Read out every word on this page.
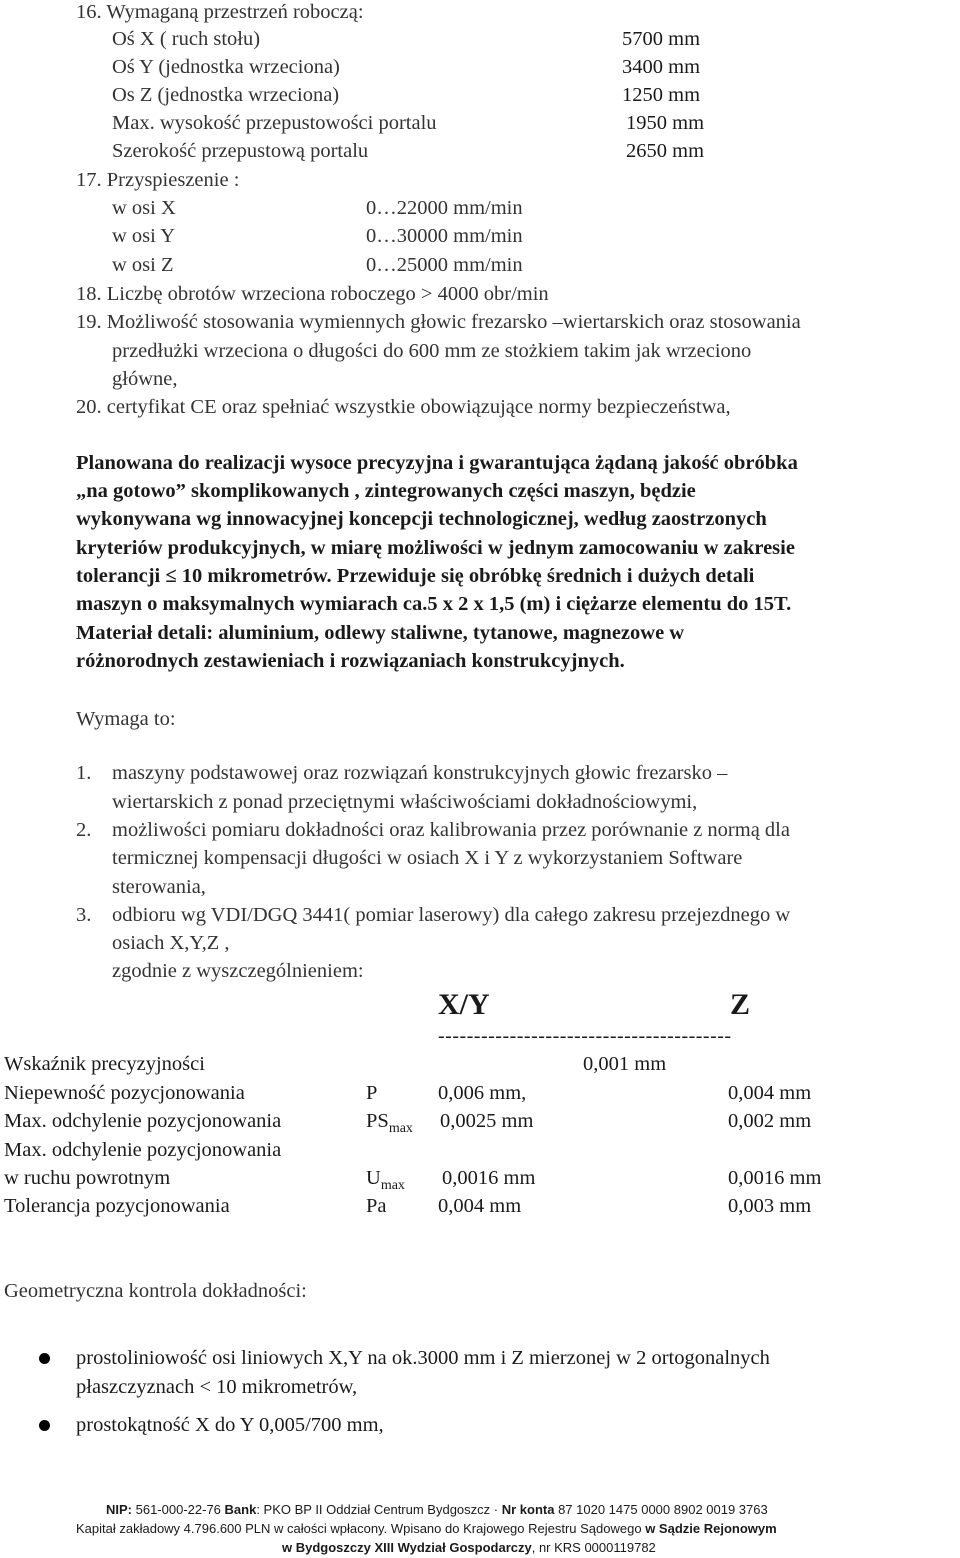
16. Wymaganą przestrzeń roboczą:
Oś X ( ruch stołu)	5700 mm
Oś Y (jednostka wrzeciona)	3400 mm
Os Z (jednostka wrzeciona)	1250 mm
Max. wysokość przepustowości portalu	1950 mm
Szerokość przepustową portalu	2650 mm
17. Przyspieszenie :
w osi X	0…22000 mm/min
w osi Y	0…30000 mm/min
w osi Z	0…25000 mm/min
18. Liczbę obrotów wrzeciona roboczego > 4000 obr/min
19. Możliwość stosowania wymiennych głowic frezarsko –wiertarskich oraz stosowania
przedłużki wrzeciona o długości do 600 mm ze stożkiem takim jak wrzeciono
główne,
20. certyfikat CE oraz spełniać wszystkie obowiązujące normy bezpieczeństwa,
Planowana do realizacji wysoce precyzyjna i gwarantująca żądaną jakość obróbka
„na gotowo” skomplikowanych , zintegrowanych części maszyn, będzie
wykonywana wg innowacyjnej koncepcji technologicznej, według zaostrzonych
kryteriów produkcyjnych, w miarę możliwości w jednym zamocowaniu w zakresie
tolerancji ≤ 10 mikrometrów. Przewiduje się obróbkę średnich i dużych detali
maszyn o maksymalnych wymiarach ca.5 x 2 x 1,5 (m) i ciężarze elementu do 15T.
Materiał detali: aluminium, odlewy staliwne, tytanowe, magnezowe w
różnorodnych zestawieniach i rozwiązaniach konstrukcyjnych.
Wymaga to:
1. maszyny podstawowej oraz rozwiązań konstrukcyjnych głowic frezarsko –
wiertarskich z ponad przeciętnymi właściwościami dokładnościowymi,
2. możliwości pomiaru dokładności oraz kalibrowania przez porównanie z normą dla
termicznej kompensacji długości w osiach X i Y z wykorzystaniem Software
sterowania,
3. odbioru wg VDI/DGQ 3441( pomiar laserowy) dla całego zakresu przejezdnego w
osiach X,Y,Z ,
zgodnie z wyszczególnieniem:
X/Y	Z
-----------------------------------------
Wskaźnik precyzyjności	0,001 mm
Niepewność pozycjonowania	P	0,006 mm,	0,004 mm
Max. odchylenie pozycjonowania	$PS_{max}$ 0,0025 mm	0,002 mm
Max. odchylenie pozycjonowania
w ruchu powrotnym	$U_{max}$ 0,0016 mm	0,0016 mm
Tolerancja pozycjonowania	Pa	0,004 mm	0,003 mm
Geometryczna kontrola dokładności:
prostoliniowość osi liniowych X,Y na ok.3000 mm i Z mierzonej w 2 ortogonalnych
płaszczyznach < 10 mikrometrów,
prostokątność X do Y 0,005/700 mm,
NIP: 561-000-22-76 Bank: PKO BP II Oddział Centrum Bydgoszcz · Nr konta 87 1020 1475 0000 8902 0019 3763
Kapitał zakładowy 4.796.600 PLN w całości wpłacony. Wpisano do Krajowego Rejestru Sądowego w Sądzie Rejonowym
w Bydgoszczy XIII Wydział Gospodarczy, nr KRS 0000119782
